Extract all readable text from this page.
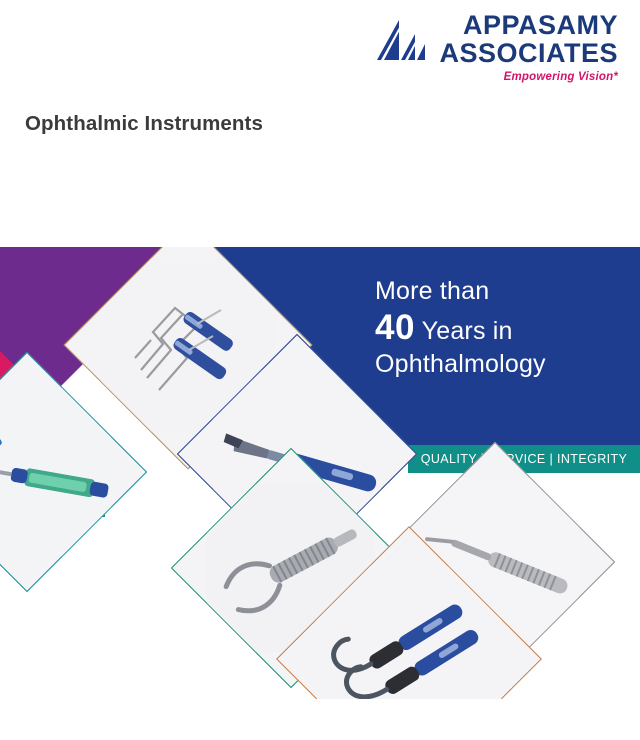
APPASAMY
ASSOCIATES
Empowering Vision*
Ophthalmic Instruments
More than
40 Years in
Ophthalmology
QUALITY | SERVICE | INTEGRITY
